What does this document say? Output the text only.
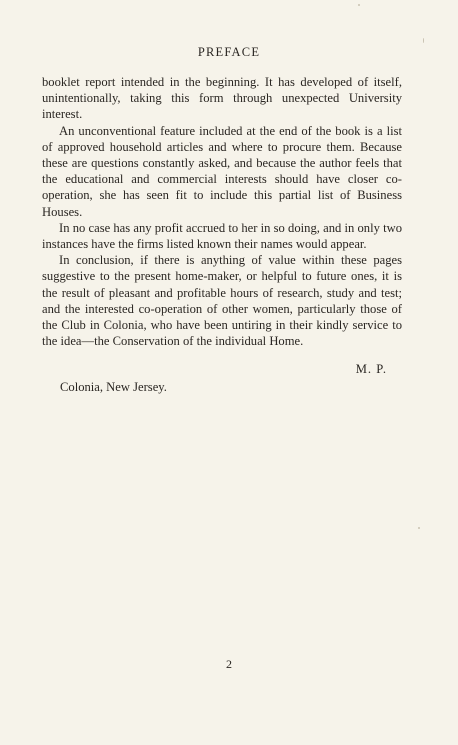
PREFACE

booklet report intended in the beginning. It has developed of itself, unintentionally, taking this form through unexpected University interest.

An unconventional feature included at the end of the book is a list of approved household articles and where to procure them. Because these are questions constantly asked, and because the author feels that the educational and commercial interests should have closer co-operation, she has seen fit to include this partial list of Business Houses.

In no case has any profit accrued to her in so doing, and in only two instances have the firms listed known their names would appear.

In conclusion, if there is anything of value within these pages suggestive to the present home-maker, or helpful to future ones, it is the result of pleasant and profitable hours of research, study and test; and the interested co-operation of other women, particularly those of the Club in Colonia, who have been untiring in their kindly service to the idea—the Conservation of the individual Home.

M. P.
Colonia, New Jersey.
2
